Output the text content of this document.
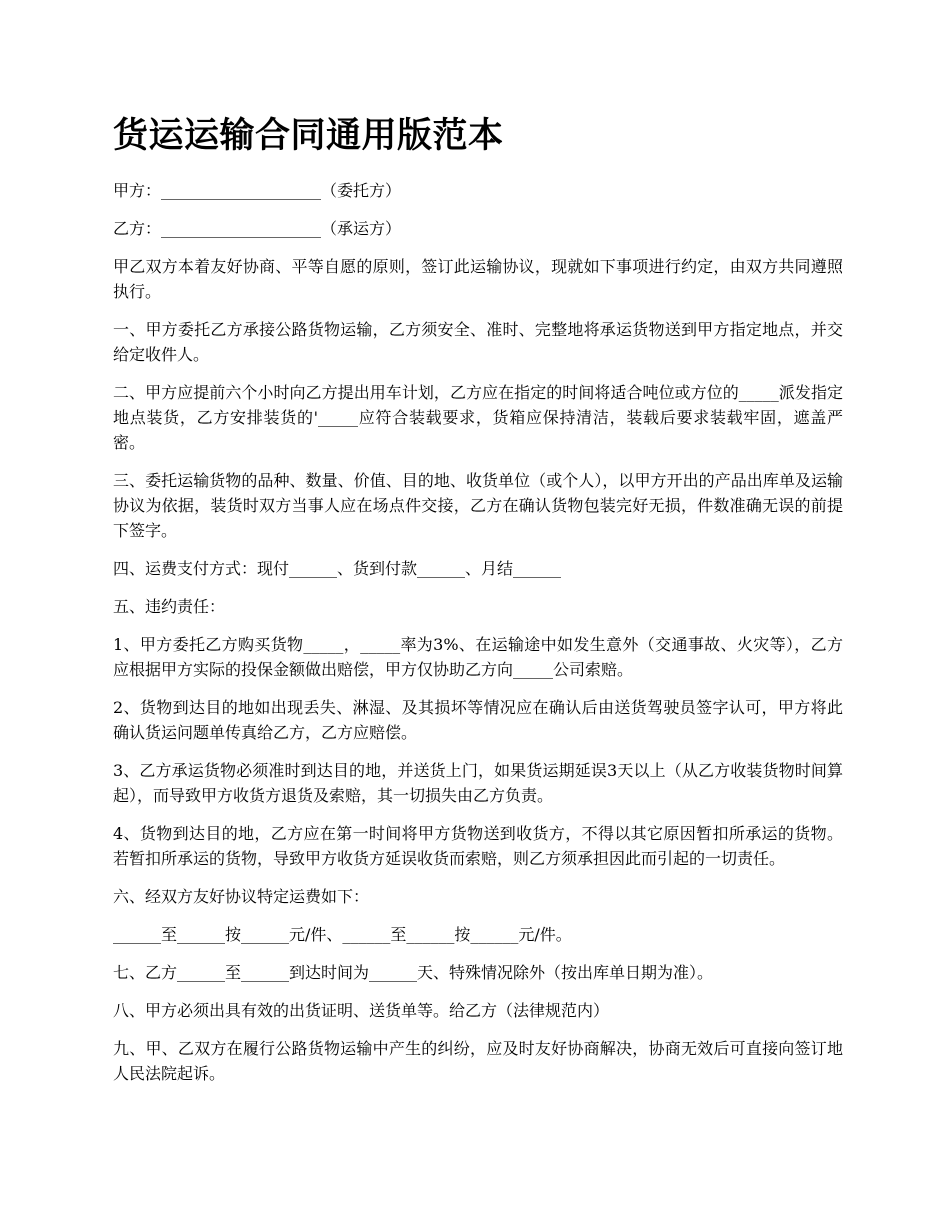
货运运输合同通用版范本

甲方：____________________（委托方）

乙方：____________________（承运方）

甲乙双方本着友好协商、平等自愿的原则，签订此运输协议，现就如下事项进行约定，由双方共同遵照执行。

一、甲方委托乙方承接公路货物运输，乙方须安全、准时、完整地将承运货物送到甲方指定地点，并交给定收件人。

二、甲方应提前六个小时向乙方提出用车计划，乙方应在指定的时间将适合吨位或方位的_____派发指定地点装货，乙方安排装货的'_____应符合装载要求，货箱应保持清洁，装载后要求装载牢固，遮盖严密。

三、委托运输货物的品种、数量、价值、目的地、收货单位（或个人），以甲方开出的产品出库单及运输协议为依据，装货时双方当事人应在场点件交接，乙方在确认货物包装完好无损，件数准确无误的前提下签字。

四、运费支付方式：现付______、货到付款______、月结______

五、违约责任：

1、甲方委托乙方购买货物_____，_____率为3%、在运输途中如发生意外（交通事故、火灾等），乙方应根据甲方实际的投保金额做出赔偿，甲方仅协助乙方向_____公司索赔。

2、货物到达目的地如出现丢失、淋湿、及其损坏等情况应在确认后由送货驾驶员签字认可，甲方将此确认货运问题单传真给乙方，乙方应赔偿。

3、乙方承运货物必须准时到达目的地，并送货上门，如果货运期延误3天以上（从乙方收装货物时间算起），而导致甲方收货方退货及索赔，其一切损失由乙方负责。

4、货物到达目的地，乙方应在第一时间将甲方货物送到收货方，不得以其它原因暂扣所承运的货物。若暂扣所承运的货物，导致甲方收货方延误收货而索赔，则乙方须承担因此而引起的一切责任。

六、经双方友好协议特定运费如下：

______至______按______元/件、______至______按______元/件。

七、乙方______至______到达时间为______天、特殊情况除外（按出库单日期为准）。

八、甲方必须出具有效的出货证明、送货单等。给乙方（法律规范内）

九、甲、乙双方在履行公路货物运输中产生的纠纷，应及时友好协商解决，协商无效后可直接向签订地人民法院起诉。
